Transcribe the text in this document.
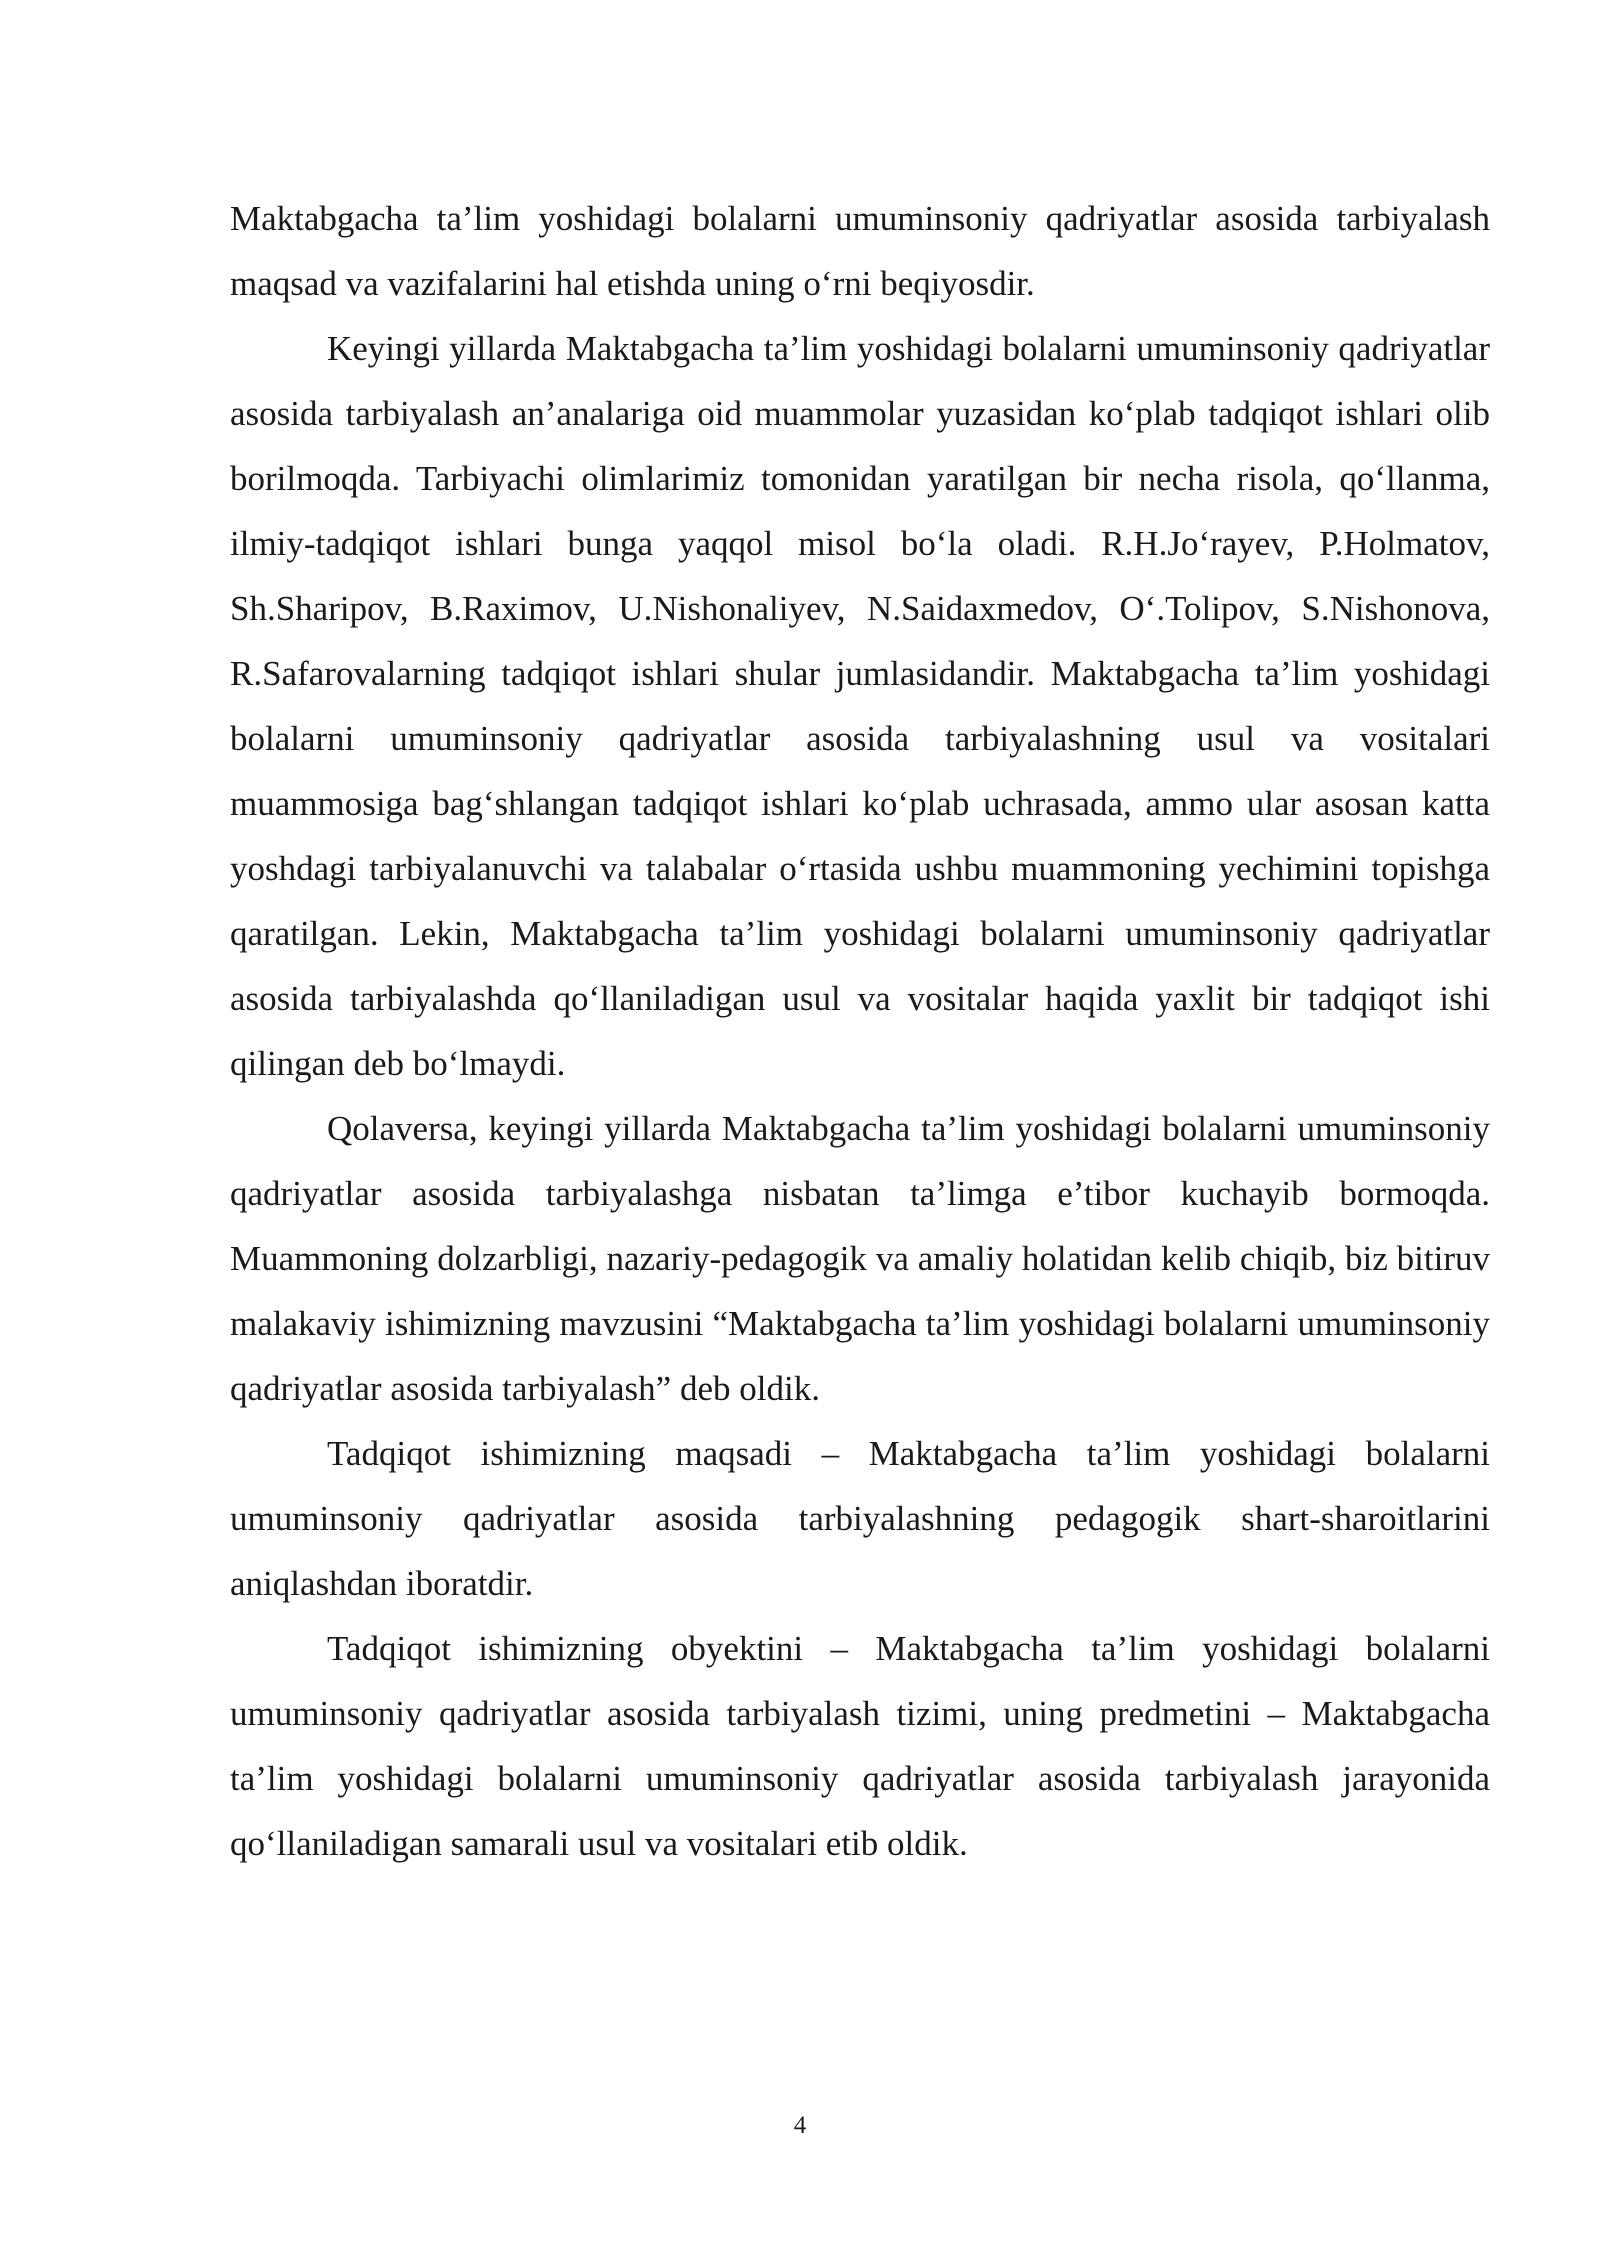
Maktabgacha ta’lim yoshidagi bolalarni umuminsoniy qadriyatlar asosida tarbiyalash maqsad va vazifalarini hal etishda uning o‘rni beqiyosdir.

Keyingi yillarda Maktabgacha ta’lim yoshidagi bolalarni umuminsoniy qadriyatlar asosida tarbiyalash an’analariga oid muammolar yuzasidan ko‘plab tadqiqot ishlari olib borilmoqda. Tarbiyachi olimlarimiz tomonidan yaratilgan bir necha risola, qo‘llanma, ilmiy-tadqiqot ishlari bunga yaqqol misol bo‘la oladi. R.H.Jo‘rayev, P.Holmatov, Sh.Sharipov, B.Raximov, U.Nishonaliyev, N.Saidaxmedov, O‘.Tolipov, S.Nishonova, R.Safarovalarning tadqiqot ishlari shular jumlasidandir. Maktabgacha ta’lim yoshidagi bolalarni umuminsoniy qadriyatlar asosida tarbiyalashning usul va vositalari muammosiga bag‘shlangan tadqiqot ishlari ko‘plab uchrasada, ammo ular asosan katta yoshdagi tarbiyalanuvchi va talabalar o‘rtasida ushbu muammoning yechimini topishga qaratilgan. Lekin, Maktabgacha ta’lim yoshidagi bolalarni umuminsoniy qadriyatlar asosida tarbiyalashda qo‘llaniladigan usul va vositalar haqida yaxlit bir tadqiqot ishi qilingan deb bo‘lmaydi.

Qolaversa, keyingi yillarda Maktabgacha ta’lim yoshidagi bolalarni umuminsoniy qadriyatlar asosida tarbiyalashga nisbatan ta’limga e’tibor kuchayib bormoqda. Muammoning dolzarbligi, nazariy-pedagogik va amaliy holatidan kelib chiqib, biz bitiruv malakaviy ishimizning mavzusini “Maktabgacha ta’lim yoshidagi bolalarni umuminsoniy qadriyatlar asosida tarbiyalash” deb oldik.

Tadqiqot ishimizning maqsadi – Maktabgacha ta’lim yoshidagi bolalarni umuminsoniy qadriyatlar asosida tarbiyalashning pedagogik shart-sharoitlarini aniqlashdan iboratdir.

Tadqiqot ishimizning obyektini – Maktabgacha ta’lim yoshidagi bolalarni umuminsoniy qadriyatlar asosida tarbiyalash tizimi, uning predmetini – Maktabgacha ta’lim yoshidagi bolalarni umuminsoniy qadriyatlar asosida tarbiyalash jarayonida qo‘llaniladigan samarali usul va vositalari etib oldik.

4
